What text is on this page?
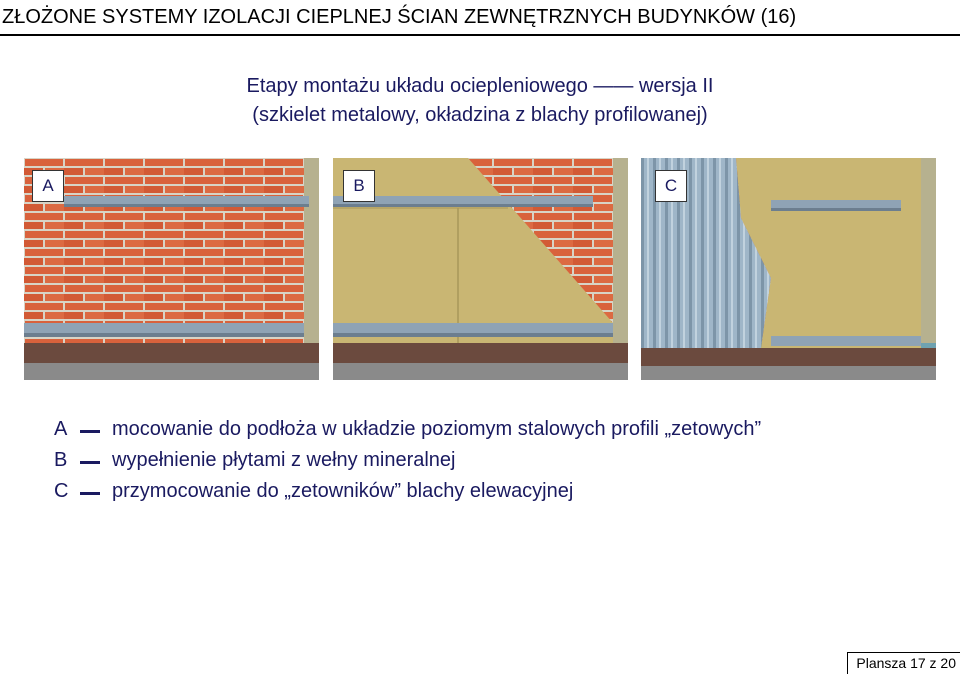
ZŁOŻONE SYSTEMY IZOLACJI CIEPLNEJ ŚCIAN ZEWNĘTRZNYCH BUDYNKÓW (16)
Etapy montażu układu ociepleniowego —— wersja II
(szkielet metalowy, okładzina z blachy profilowanej)
A	B	C
A mocowanie do podłoża w układzie poziomym stalowych profili „zetowych”
B wypełnienie płytami z wełny mineralnej
C przymocowanie do „zetowników” blachy elewacyjnej
Plansza 17 z 20
